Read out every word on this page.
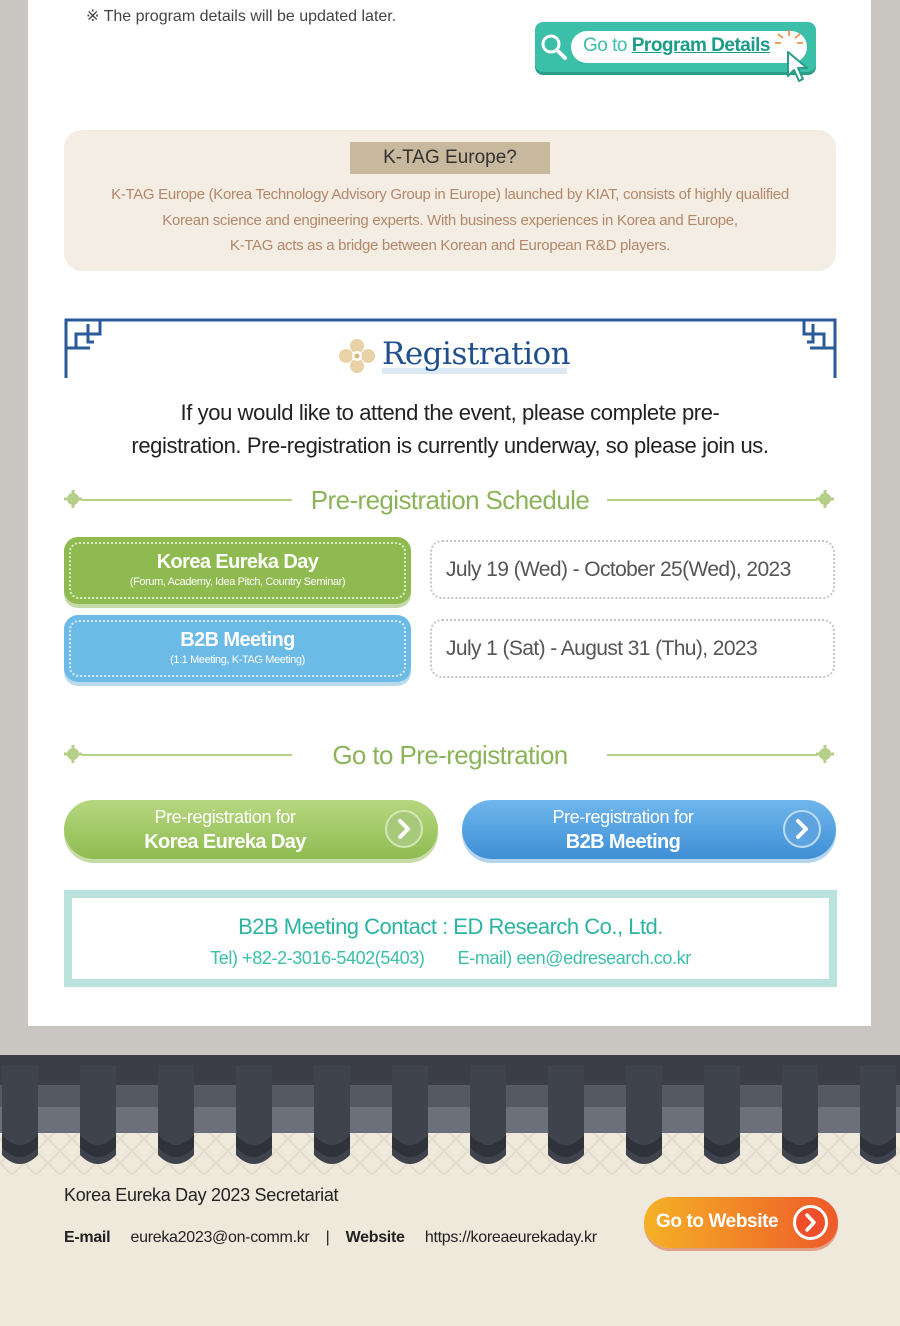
※ The program details will be updated later.
Go to Program Details
K-TAG Europe?
K-TAG Europe (Korea Technology Advisory Group in Europe) launched by KIAT, consists of highly qualified
Korean science and engineering experts. With business experiences in Korea and Europe,
K-TAG acts as a bridge between Korean and European R&D players.
Registration
If you would like to attend the event, please complete pre-
registration. Pre-registration is currently underway, so please join us.
Pre-registration Schedule
Korea Eureka Day
(Forum, Academy, Idea Pitch, Country Seminar)
July 19 (Wed) - October 25(Wed), 2023
B2B Meeting
(1:1 Meeting, K-TAG Meeting)	July 1 (Sat) - August 31 (Thu), 2023
Go to Pre-registration
Pre-registration for
Korea Eureka Day
Pre-registration for
B2B Meeting
B2B Meeting Contact : ED Research Co., Ltd.
Tel) +82-2-3016-5402(5403) E-mail) een@edresearch.co.kr
Korea Eureka Day 2023 Secretariat
E-mail eureka2023@on-comm.kr | Website https://koreaeurekaday.kr
Go to Website
